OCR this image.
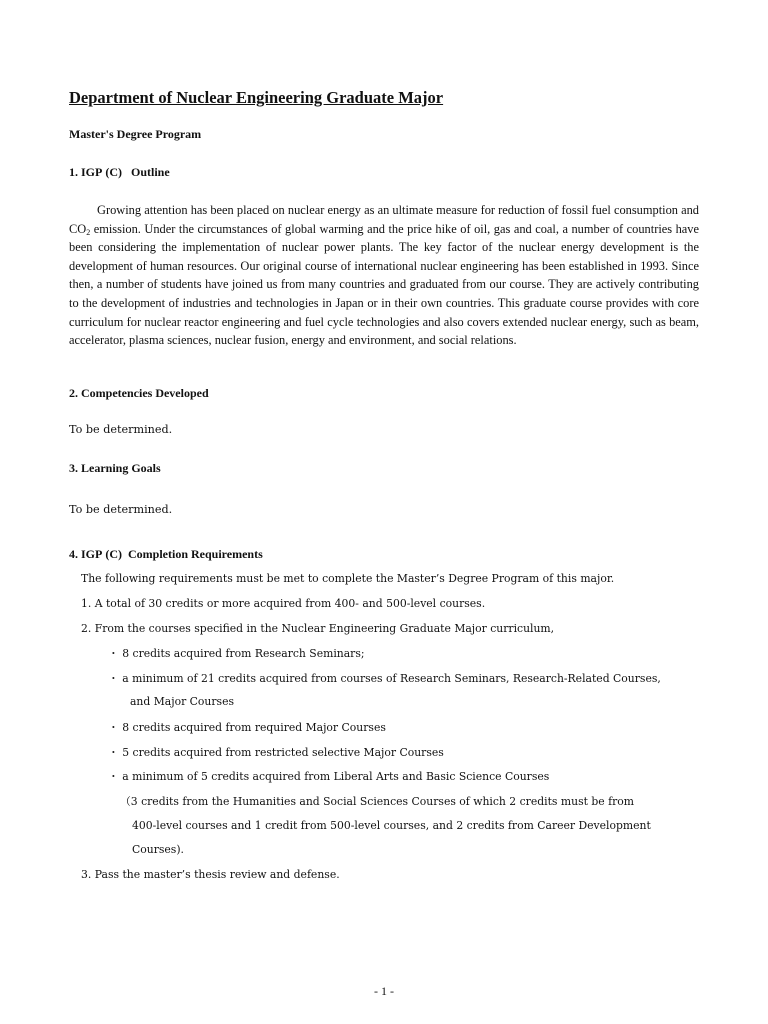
Department of Nuclear Engineering Graduate Major
Master's Degree Program
1. IGP (C)   Outline
Growing attention has been placed on nuclear energy as an ultimate measure for reduction of fossil fuel consumption and $CO_2$ emission. Under the circumstances of global warming and the price hike of oil, gas and coal, a number of countries have been considering the implementation of nuclear power plants. The key factor of the nuclear energy development is the development of human resources. Our original course of international nuclear engineering has been established in 1993. Since then, a number of students have joined us from many countries and graduated from our course. They are actively contributing to the development of industries and technologies in Japan or in their own countries. This graduate course provides with core curriculum for nuclear reactor engineering and fuel cycle technologies and also covers extended nuclear energy, such as beam, accelerator, plasma sciences, nuclear fusion, energy and environment, and social relations.
2. Competencies Developed
To be determined.
3. Learning Goals
To be determined.
4. IGP (C)  Completion Requirements
The following requirements must be met to complete the Master’s Degree Program of this major.
1. A total of 30 credits or more acquired from 400- and 500-level courses.
2. From the courses specified in the Nuclear Engineering Graduate Major curriculum,
・ 8 credits acquired from Research Seminars;
・ a minimum of 21 credits acquired from courses of Research Seminars, Research-Related Courses,
and Major Courses
・ 8 credits acquired from required Major Courses
・ 5 credits acquired from restricted selective Major Courses
・ a minimum of 5 credits acquired from Liberal Arts and Basic Science Courses
（3 credits from the Humanities and Social Sciences Courses of which 2 credits must be from
400-level courses and 1 credit from 500-level courses, and 2 credits from Career Development
Courses).
3. Pass the master’s thesis review and defense.
- 1 -
